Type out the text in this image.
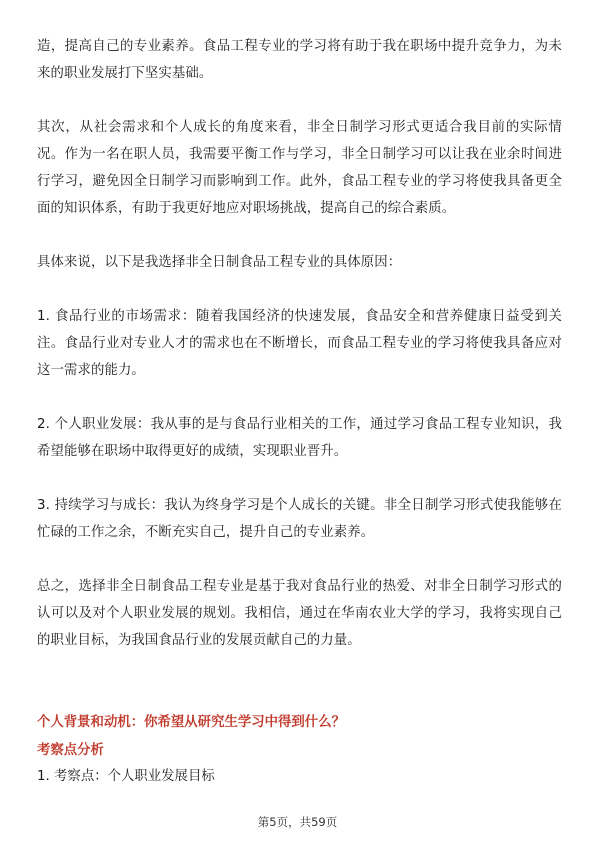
造，提高自己的专业素养。食品工程专业的学习将有助于我在职场中提升竞争力，为未来的职业发展打下坚实基础。

其次，从社会需求和个人成长的角度来看，非全日制学习形式更适合我目前的实际情况。作为一名在职人员，我需要平衡工作与学习，非全日制学习可以让我在业余时间进行学习，避免因全日制学习而影响到工作。此外，食品工程专业的学习将使我具备更全面的知识体系，有助于我更好地应对职场挑战，提高自己的综合素质。

具体来说，以下是我选择非全日制食品工程专业的具体原因：

1. 食品行业的市场需求：随着我国经济的快速发展，食品安全和营养健康日益受到关注。食品行业对专业人才的需求也在不断增长，而食品工程专业的学习将使我具备应对这一需求的能力。

2. 个人职业发展：我从事的是与食品行业相关的工作，通过学习食品工程专业知识，我希望能够在职场中取得更好的成绩，实现职业晋升。

3. 持续学习与成长：我认为终身学习是个人成长的关键。非全日制学习形式使我能够在忙碌的工作之余，不断充实自己，提升自己的专业素养。

总之，选择非全日制食品工程专业是基于我对食品行业的热爱、对非全日制学习形式的认可以及对个人职业发展的规划。我相信，通过在华南农业大学的学习，我将实现自己的职业目标，为我国食品行业的发展贡献自己的力量。

个人背景和动机：你希望从研究生学习中得到什么？

考察点分析

1. 考察点：个人职业发展目标

第5页，共59页
